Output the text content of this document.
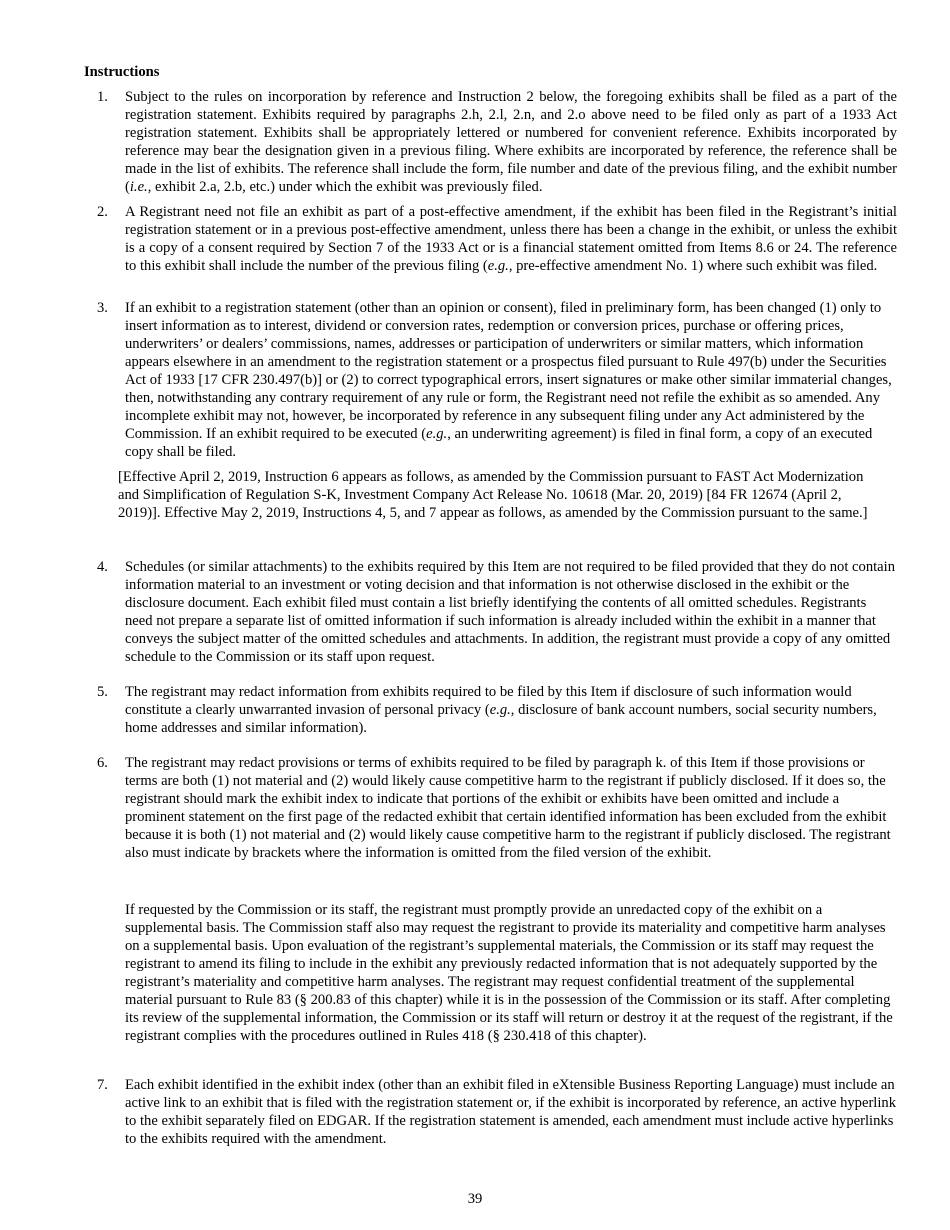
Instructions
1.	Subject to the rules on incorporation by reference and Instruction 2 below, the foregoing exhibits shall be filed as a part of the registration statement. Exhibits required by paragraphs 2.h, 2.l, 2.n, and 2.o above need to be filed only as part of a 1933 Act registration statement. Exhibits shall be appropriately lettered or numbered for convenient reference. Exhibits incorporated by reference may bear the designation given in a previous filing. Where exhibits are incorporated by reference, the reference shall be made in the list of exhibits. The reference shall include the form, file number and date of the previous filing, and the exhibit number (i.e., exhibit 2.a, 2.b, etc.) under which the exhibit was previously filed.
2.	A Registrant need not file an exhibit as part of a post-effective amendment, if the exhibit has been filed in the Registrant’s initial registration statement or in a previous post-effective amendment, unless there has been a change in the exhibit, or unless the exhibit is a copy of a consent required by Section 7 of the 1933 Act or is a financial statement omitted from Items 8.6 or 24. The reference to this exhibit shall include the number of the previous filing (e.g., pre-effective amendment No. 1) where such exhibit was filed.
3.	If an exhibit to a registration statement (other than an opinion or consent), filed in preliminary form, has been changed (1) only to insert information as to interest, dividend or conversion rates, redemption or conversion prices, purchase or offering prices, underwriters’ or dealers’ commissions, names, addresses or participation of underwriters or similar matters, which information appears elsewhere in an amendment to the registration statement or a prospectus filed pursuant to Rule 497(b) under the Securities Act of 1933 [17 CFR 230.497(b)] or (2) to correct typographical errors, insert signatures or make other similar immaterial changes, then, notwithstanding any contrary requirement of any rule or form, the Registrant need not refile the exhibit as so amended. Any incomplete exhibit may not, however, be incorporated by reference in any subsequent filing under any Act administered by the Commission. If an exhibit required to be executed (e.g., an underwriting agreement) is filed in final form, a copy of an executed copy shall be filed.
[Effective April 2, 2019, Instruction 6 appears as follows, as amended by the Commission pursuant to FAST Act Modernization and Simplification of Regulation S-K, Investment Company Act Release No. 10618 (Mar. 20, 2019) [84 FR 12674 (April 2, 2019)]. Effective May 2, 2019, Instructions 4, 5, and 7 appear as follows, as amended by the Commission pursuant to the same.]
4.	Schedules (or similar attachments) to the exhibits required by this Item are not required to be filed provided that they do not contain information material to an investment or voting decision and that information is not otherwise disclosed in the exhibit or the disclosure document. Each exhibit filed must contain a list briefly identifying the contents of all omitted schedules. Registrants need not prepare a separate list of omitted information if such information is already included within the exhibit in a manner that conveys the subject matter of the omitted schedules and attachments. In addition, the registrant must provide a copy of any omitted schedule to the Commission or its staff upon request.
5.	The registrant may redact information from exhibits required to be filed by this Item if disclosure of such information would constitute a clearly unwarranted invasion of personal privacy (e.g., disclosure of bank account numbers, social security numbers, home addresses and similar information).
6.	The registrant may redact provisions or terms of exhibits required to be filed by paragraph k. of this Item if those provisions or terms are both (1) not material and (2) would likely cause competitive harm to the registrant if publicly disclosed. If it does so, the registrant should mark the exhibit index to indicate that portions of the exhibit or exhibits have been omitted and include a prominent statement on the first page of the redacted exhibit that certain identified information has been excluded from the exhibit because it is both (1) not material and (2) would likely cause competitive harm to the registrant if publicly disclosed. The registrant also must indicate by brackets where the information is omitted from the filed version of the exhibit.
If requested by the Commission or its staff, the registrant must promptly provide an unredacted copy of the exhibit on a supplemental basis. The Commission staff also may request the registrant to provide its materiality and competitive harm analyses on a supplemental basis. Upon evaluation of the registrant’s supplemental materials, the Commission or its staff may request the registrant to amend its filing to include in the exhibit any previously redacted information that is not adequately supported by the registrant’s materiality and competitive harm analyses. The registrant may request confidential treatment of the supplemental material pursuant to Rule 83 (§ 200.83 of this chapter) while it is in the possession of the Commission or its staff. After completing its review of the supplemental information, the Commission or its staff will return or destroy it at the request of the registrant, if the registrant complies with the procedures outlined in Rules 418 (§ 230.418 of this chapter).
7.	Each exhibit identified in the exhibit index (other than an exhibit filed in eXtensible Business Reporting Language) must include an active link to an exhibit that is filed with the registration statement or, if the exhibit is incorporated by reference, an active hyperlink to the exhibit separately filed on EDGAR. If the registration statement is amended, each amendment must include active hyperlinks to the exhibits required with the amendment.
39
